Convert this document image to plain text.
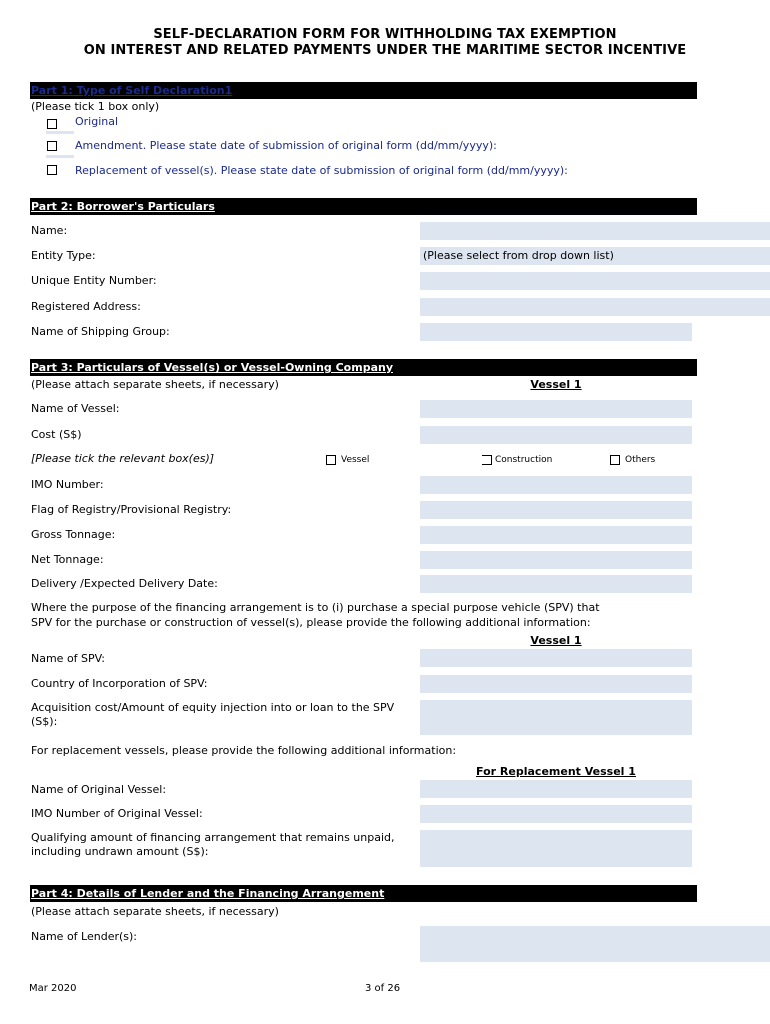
SELF-DECLARATION FORM FOR WITHHOLDING TAX EXEMPTION
ON INTEREST AND RELATED PAYMENTS UNDER THE MARITIME SECTOR INCENTIVE
Part 1: Type of Self Declaration1
(Please tick 1 box only)
Original
Amendment. Please state date of submission of original form (dd/mm/yyyy):
Replacement of vessel(s). Please state date of submission of original form (dd/mm/yyyy):
Part 2: Borrower's Particulars
Name:
Entity Type:	(Please select from drop down list)
Unique Entity Number:
Registered Address:
Name of Shipping Group:
Part 3: Particulars of Vessel(s) or Vessel-Owning Company
(Please attach separate sheets, if necessary)	Vessel 1
Name of Vessel:
Cost (S$)
[Please tick the relevant box(es)]	Vessel	Construction	Others
IMO Number:
Flag of Registry/Provisional Registry:
Gross Tonnage:
Net Tonnage:
Delivery /Expected Delivery Date:
Where the purpose of the financing arrangement is to (i) purchase a special purpose vehicle (SPV) that
SPV for the purchase or construction of vessel(s), please provide the following additional information:
Vessel 1
Name of SPV:
Country of Incorporation of SPV:
Acquisition cost/Amount of equity injection into or loan to the SPV (S$):
For replacement vessels, please provide the following additional information:
For Replacement Vessel 1
Name of Original Vessel:
IMO Number of Original Vessel:
Qualifying amount of financing arrangement that remains unpaid, including undrawn amount (S$):
Part 4: Details of Lender and the Financing Arrangement
(Please attach separate sheets, if necessary)
Name of Lender(s):
Mar 2020	3 of 26
